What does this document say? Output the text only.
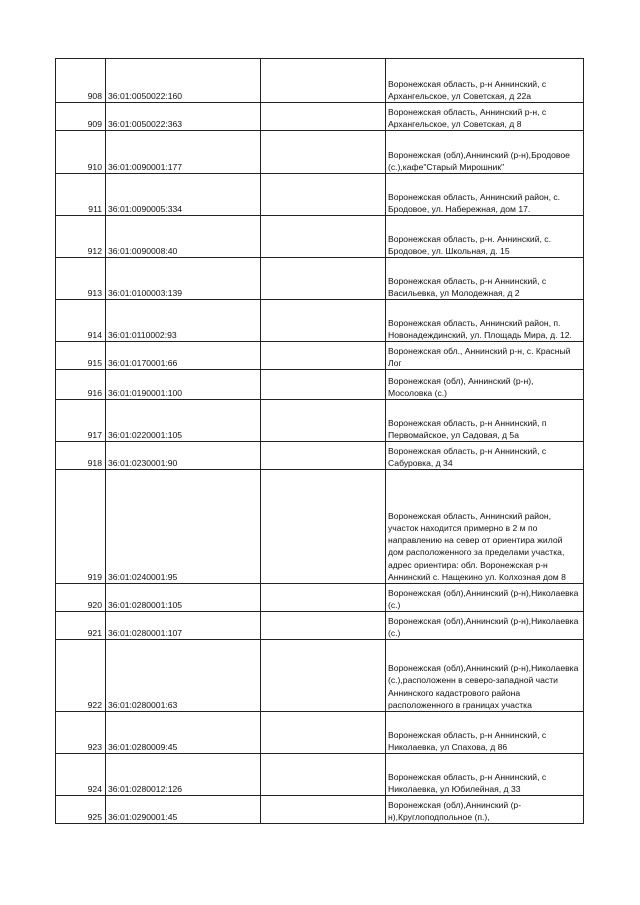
908	36:01:0050022:160		Воронежская область, р-н Аннинский, с Архангельское, ул Советская, д 22а
909	36:01:0050022:363		Воронежская область, Аннинский р-н, с Архангельское, ул Советская, д 8
910	36:01:0090001:177		Воронежская (обл),Аннинский (р-н),Бродовое (с.),кафе"Старый Мирошник"
911	36:01:0090005:334		Воронежская область, Аннинский район, с. Бродовое, ул. Набережная, дом 17.
912	36:01:0090008:40		Воронежская область, р-н. Аннинский, с. Бродовое, ул. Школьная, д. 15
913	36:01:0100003:139		Воронежская область, р-н Аннинский, с Васильевка, ул Молодежная, д 2
914	36:01:0110002:93		Воронежская область, Аннинский район, п. Новонадеждинский, ул. Площадь Мира, д. 12.
915	36:01:0170001:66		Воронежская обл., Аннинский р-н, с. Красный Лог
916	36:01:0190001:100		Воронежская (обл), Аннинский (р-н), Мосоловка (с.)
917	36:01:0220001:105		Воронежская область, р-н Аннинский, п Первомайское, ул Садовая, д 5а
918	36:01:0230001:90		Воронежская область, р-н Аннинский, с Сабуровка, д 34
919	36:01:0240001:95		Воронежская область, Аннинский район, участок находится примерно в 2 м по направлению на север от ориентира жилой дом расположенного за пределами участка, адрес ориентира: обл. Воронежская р-н Аннинский с. Нащекино ул. Колхозная дом 8
920	36:01:0280001:105		Воронежская (обл),Аннинский (р-н),Николаевка (с.)
921	36:01:0280001:107		Воронежская (обл),Аннинский (р-н),Николаевка (с.)
922	36:01:0280001:63		Воронежская (обл),Аннинский (р-н),Николаевка (с.),расположенн в северо-западной части Аннинского кадастрового района расположенного в границах участка
923	36:01:0280009:45		Воронежская область, р-н Аннинский, с Николаевка, ул Спахова, д 86
924	36:01:0280012:126		Воронежская область, р-н Аннинский, с Николаевка, ул Юбилейная, д 33
925	36:01:0290001:45		Воронежская (обл),Аннинский (р-н),Круглоподпольное (п.),
